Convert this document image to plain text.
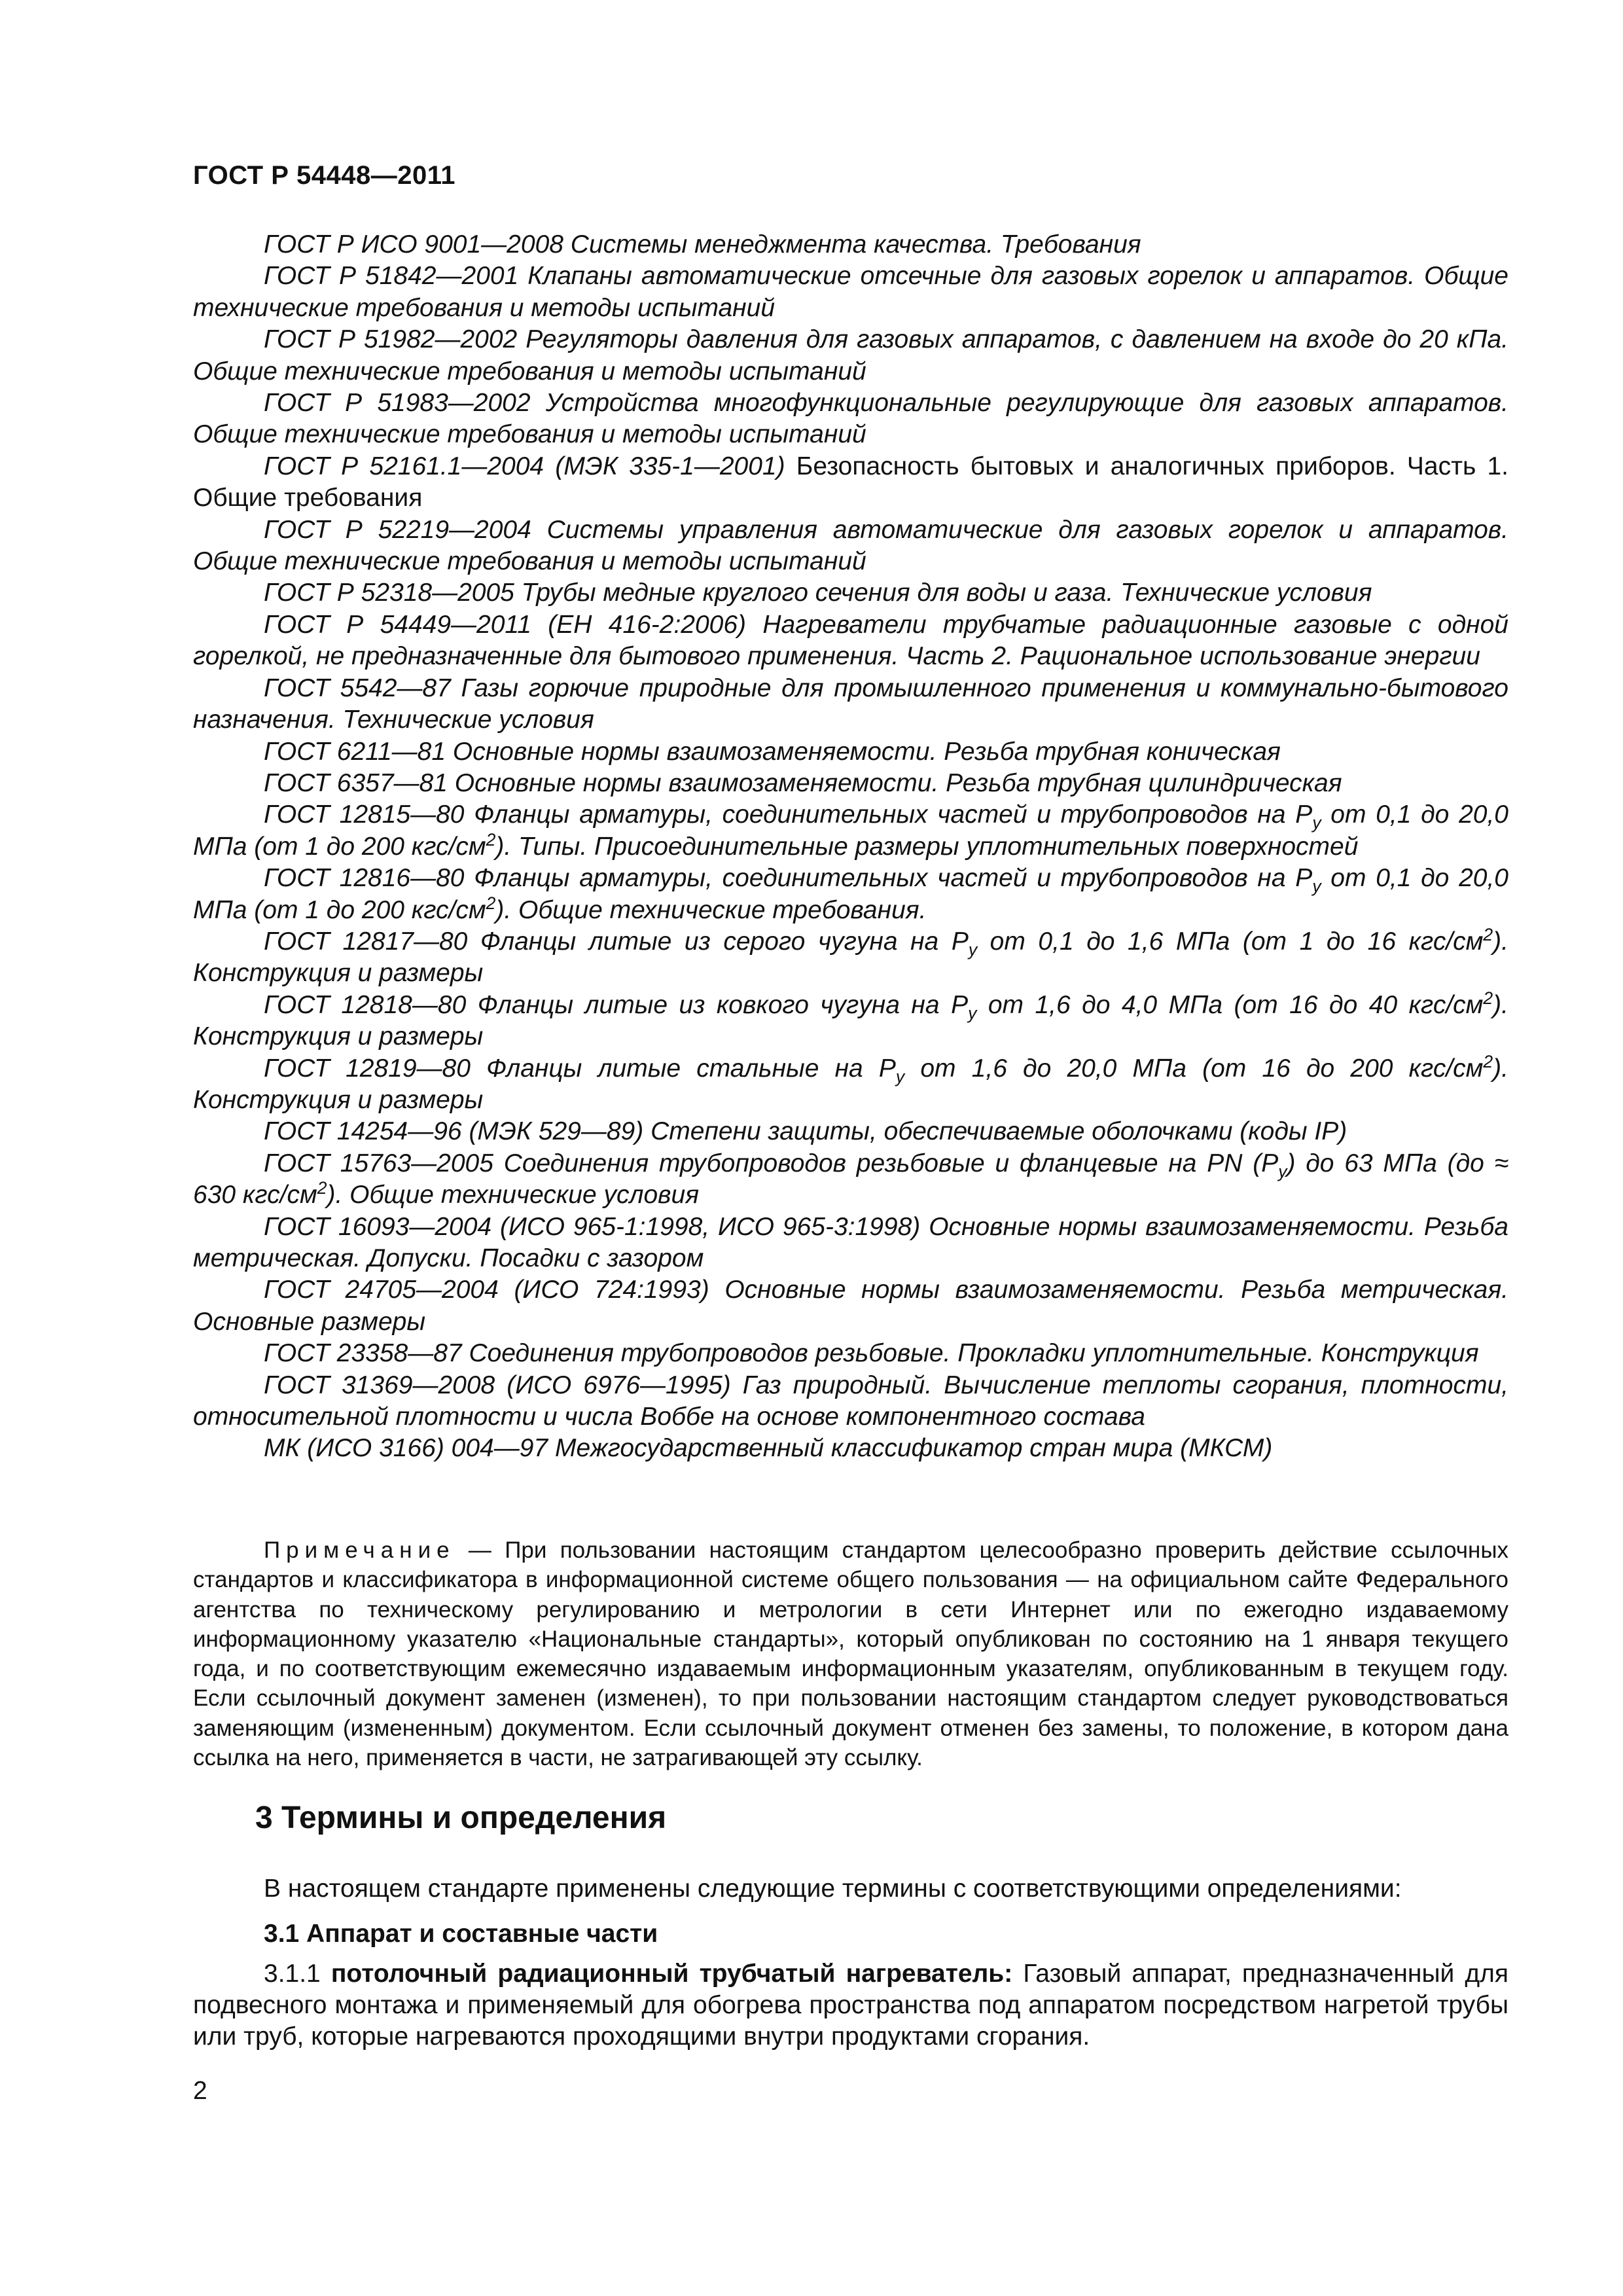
ГОСТ Р 54448—2011

ГОСТ Р ИСО 9001—2008 Системы менеджмента качества. Требования

ГОСТ Р 51842—2001 Клапаны автоматические отсечные для газовых горелок и аппаратов. Общие технические требования и методы испытаний

ГОСТ Р 51982—2002 Регуляторы давления для газовых аппаратов, с давлением на входе до 20 кПа. Общие технические требования и методы испытаний

ГОСТ Р 51983—2002 Устройства многофункциональные регулирующие для газовых аппаратов. Общие технические требования и методы испытаний

ГОСТ Р 52161.1—2004 (МЭК 335-1—2001) Безопасность бытовых и аналогичных приборов. Часть 1. Общие требования

ГОСТ Р 52219—2004 Системы управления автоматические для газовых горелок и аппаратов. Общие технические требования и методы испытаний

ГОСТ Р 52318—2005 Трубы медные круглого сечения для воды и газа. Технические условия

ГОСТ Р 54449—2011 (ЕН 416-2:2006) Нагреватели трубчатые радиационные газовые с одной горелкой, не предназначенные для бытового применения. Часть 2. Рациональное использование энергии

ГОСТ 5542—87 Газы горючие природные для промышленного применения и коммунально-бытового назначения. Технические условия

ГОСТ 6211—81 Основные нормы взаимозаменяемости. Резьба трубная коническая

ГОСТ 6357—81 Основные нормы взаимозаменяемости. Резьба трубная цилиндрическая

ГОСТ 12815—80 Фланцы арматуры, соединительных частей и трубопроводов на $P_y$ от 0,1 до 20,0 МПа (от 1 до 200 кгс/$см^2$). Типы. Присоединительные размеры уплотнительных поверхностей

ГОСТ 12816—80 Фланцы арматуры, соединительных частей и трубопроводов на $P_y$ от 0,1 до 20,0 МПа (от 1 до 200 кгс/$см^2$). Общие технические требования.

ГОСТ 12817—80 Фланцы литые из серого чугуна на $P_y$ от 0,1 до 1,6 МПа (от 1 до 16 кгс/$см^2$). Конструкция и размеры

ГОСТ 12818—80 Фланцы литые из ковкого чугуна на $P_y$ от 1,6 до 4,0 МПа (от 16 до 40 кгс/$см^2$). Конструкция и размеры

ГОСТ 12819—80 Фланцы литые стальные на $P_y$ от 1,6 до 20,0 МПа (от 16 до 200 кгс/$см^2$). Конструкция и размеры

ГОСТ 14254—96 (МЭК 529—89) Степени защиты, обеспечиваемые оболочками (коды IP)

ГОСТ 15763—2005 Соединения трубопроводов резьбовые и фланцевые на PN $(P_y)$ до 63 МПа (до ≈ 630 кгс/$см^2$). Общие технические условия

ГОСТ 16093—2004 (ИСО 965-1:1998, ИСО 965-3:1998) Основные нормы взаимозаменяемости. Резьба метрическая. Допуски. Посадки с зазором

ГОСТ 24705—2004 (ИСО 724:1993) Основные нормы взаимозаменяемости. Резьба метрическая. Основные размеры

ГОСТ 23358—87 Соединения трубопроводов резьбовые. Прокладки уплотнительные. Конструкция

ГОСТ 31369—2008 (ИСО 6976—1995) Газ природный. Вычисление теплоты сгорания, плотности, относительной плотности и числа Воббе на основе компонентного состава

МК (ИСО 3166) 004—97 Межгосударственный классификатор стран мира (МКСМ)

Примечание — При пользовании настоящим стандартом целесообразно проверить действие ссылочных стандартов и классификатора в информационной системе общего пользования — на официальном сайте Федерального агентства по техническому регулированию и метрологии в сети Интернет или по ежегодно издаваемому информационному указателю «Национальные стандарты», который опубликован по состоянию на 1 января текущего года, и по соответствующим ежемесячно издаваемым информационным указателям, опубликованным в текущем году. Если ссылочный документ заменен (изменен), то при пользовании настоящим стандартом следует руководствоваться заменяющим (измененным) документом. Если ссылочный документ отменен без замены, то положение, в котором дана ссылка на него, применяется в части, не затрагивающей эту ссылку.

3 Термины и определения

В настоящем стандарте применены следующие термины с соответствующими определениями:

3.1 Аппарат и составные части

3.1.1 потолочный радиационный трубчатый нагреватель: Газовый аппарат, предназначенный для подвесного монтажа и применяемый для обогрева пространства под аппаратом посредством нагретой трубы или труб, которые нагреваются проходящими внутри продуктами сгорания.

2
